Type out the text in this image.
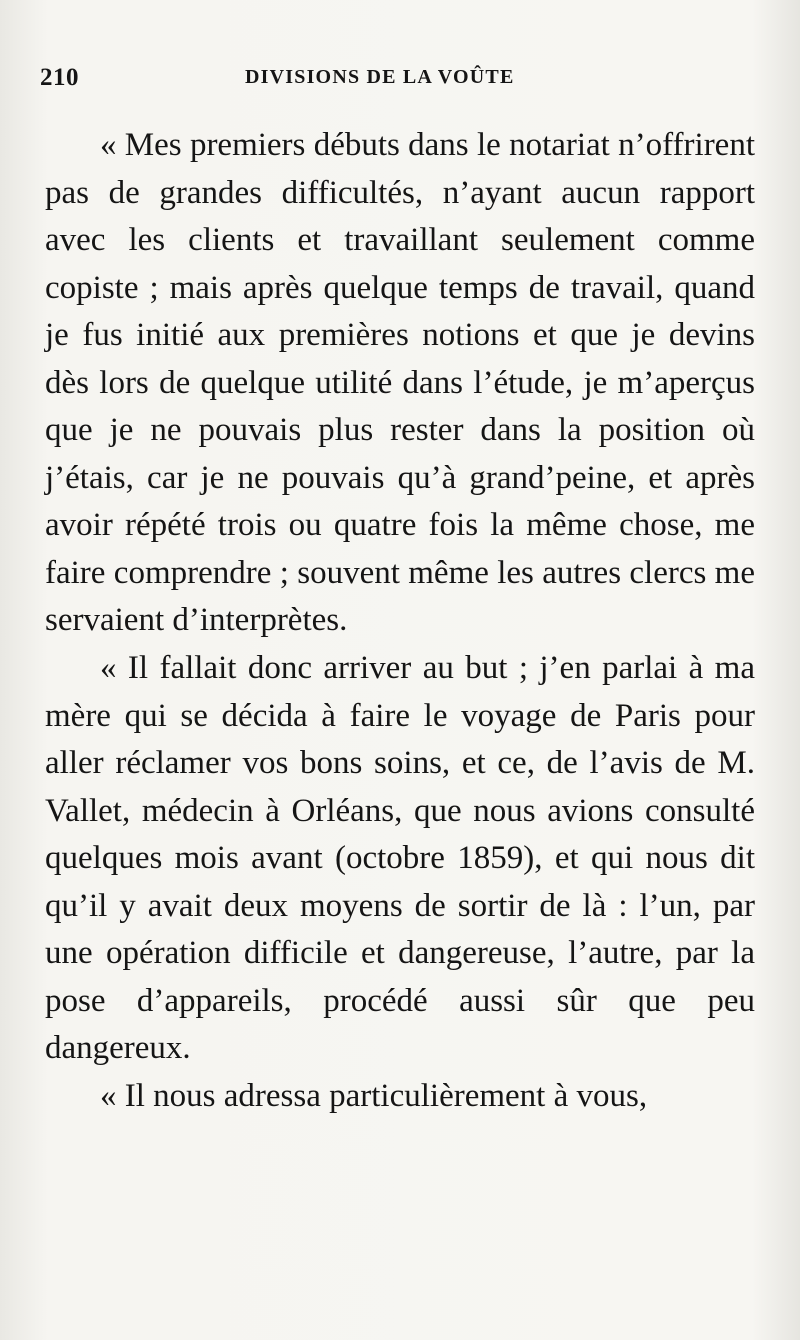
210	DIVISIONS DE LA VOÛTE

« Mes premiers débuts dans le notariat n’offrirent pas de grandes difficultés, n’ayant aucun rapport avec les clients et travaillant seulement comme copiste ; mais après quelque temps de travail, quand je fus initié aux premières notions et que je devins dès lors de quelque utilité dans l’étude, je m’aperçus que je ne pouvais plus rester dans la position où j’étais, car je ne pouvais qu’à grand’peine, et après avoir répété trois ou quatre fois la même chose, me faire comprendre ; souvent même les autres clercs me servaient d’interprètes.

« Il fallait donc arriver au but ; j’en parlai à ma mère qui se décida à faire le voyage de Paris pour aller réclamer vos bons soins, et ce, de l’avis de M. Vallet, médecin à Orléans, que nous avions consulté quelques mois avant (octobre 1859), et qui nous dit qu’il y avait deux moyens de sortir de là : l’un, par une opération difficile et dangereuse, l’autre, par la pose d’appareils, procédé aussi sûr que peu dangereux.

« Il nous adressa particulièrement à vous,
